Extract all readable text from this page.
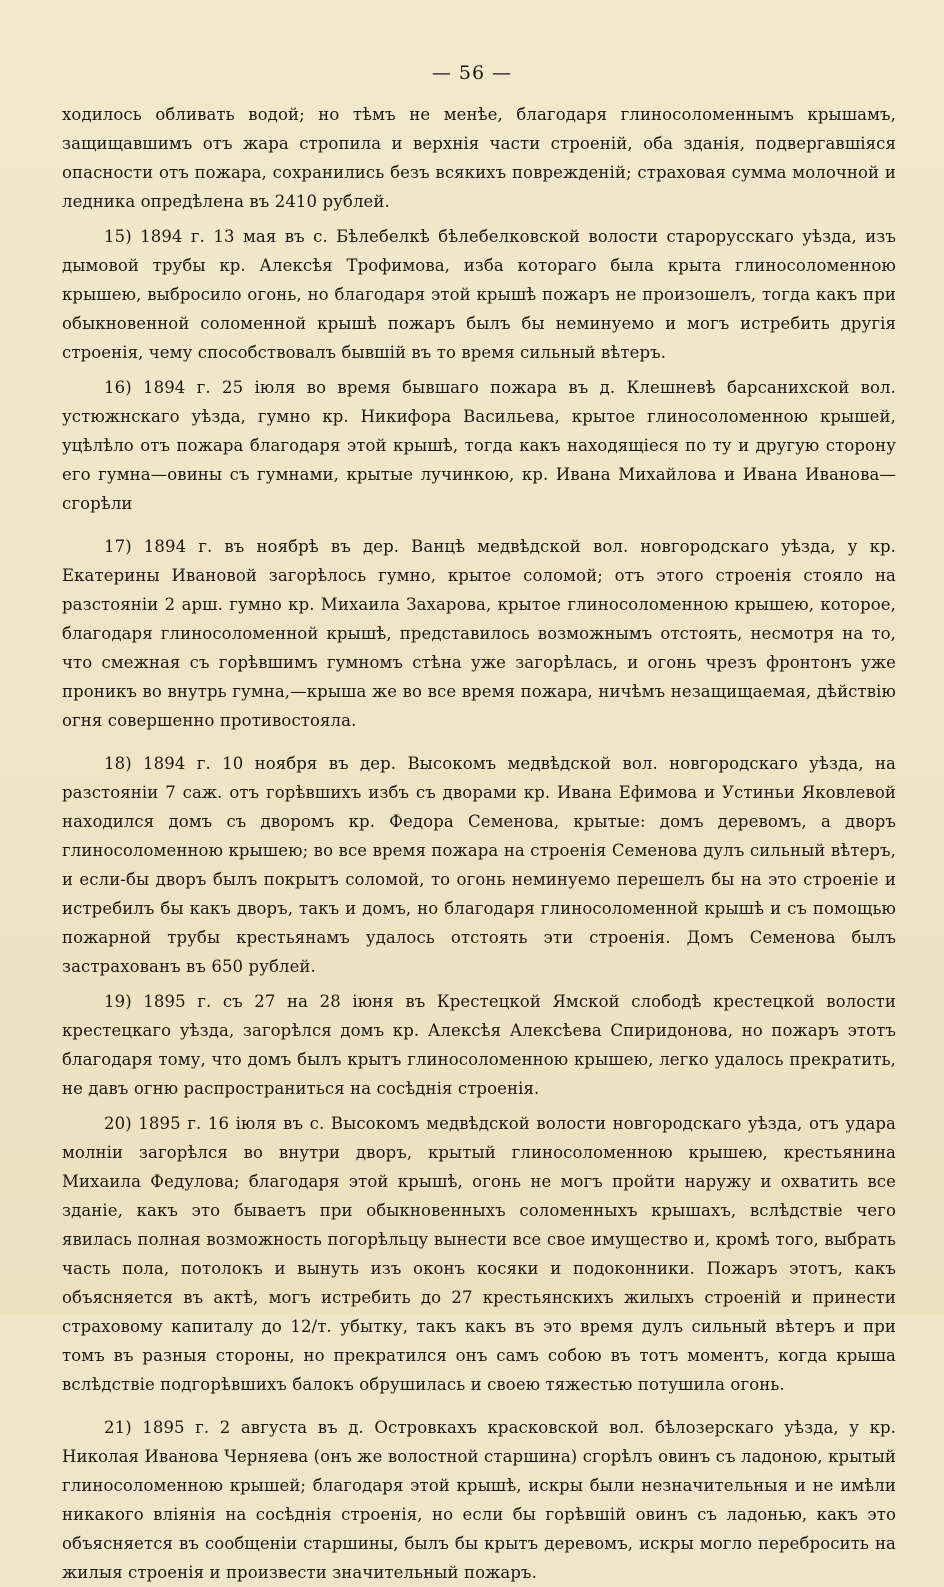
— 56 —

ходилось обливать водой; но тѣмъ не менѣе, благодаря глиносоломеннымъ крышамъ, защищавшимъ отъ жара стропила и верхнія части строеній, оба зданія, подвергавшіяся опасности отъ пожара, сохранились безъ всякихъ поврежденій; страховая сумма молочной и ледника опредѣлена въ 2410 рублей.

15) 1894 г. 13 мая въ с. Бѣлебелкѣ бѣлебелковской волости старорусскаго уѣзда, изъ дымовой трубы кр. Алексѣя Трофимова, изба котораго была крыта глиносоломенною крышею, выбросило огонь, но благодаря этой крышѣ пожаръ не произошелъ, тогда какъ при обыкновенной соломенной крышѣ пожаръ былъ бы неминуемо и могъ истребить другія строенія, чему способствовалъ бывшій въ то время сильный вѣтеръ.

16) 1894 г. 25 іюля во время бывшаго пожара въ д. Клешневѣ барсанихской вол. устюжнскаго уѣзда, гумно кр. Никифора Васильева, крытое глиносоломенною крышей, уцѣлѣло отъ пожара благодаря этой крышѣ, тогда какъ находящіеся по ту и другую сторону его гумна—овины съ гумнами, крытые лучинкою, кр. Ивана Михайлова и Ивана Иванова—сгорѣли

17) 1894 г. въ ноябрѣ въ дер. Ванцѣ медвѣдской вол. новгородскаго уѣзда, у кр. Екатерины Ивановой загорѣлось гумно, крытое соломой; отъ этого строенія стояло на разстояніи 2 арш. гумно кр. Михаила Захарова, крытое глиносоломенною крышею, которое, благодаря глиносоломенной крышѣ, представилось возможнымъ отстоять, несмотря на то, что смежная съ горѣвшимъ гумномъ стѣна уже загорѣлась, и огонь чрезъ фронтонъ уже проникъ во внутрь гумна,—крыша же во все время пожара, ничѣмъ незащищаемая, дѣйствію огня совершенно противостояла.

18) 1894 г. 10 ноября въ дер. Высокомъ медвѣдской вол. новгородскаго уѣзда, на разстояніи 7 саж. отъ горѣвшихъ избъ съ дворами кр. Ивана Ефимова и Устиньи Яковлевой находился домъ съ дворомъ кр. Федора Семенова, крытые: домъ деревомъ, а дворъ глиносоломенною крышею; во все время пожара на строенія Семенова дулъ сильный вѣтеръ, и если-бы дворъ былъ покрытъ соломой, то огонь неминуемо перешелъ бы на это строеніе и истребилъ бы какъ дворъ, такъ и домъ, но благодаря глиносоломенной крышѣ и съ помощью пожарной трубы крестьянамъ удалось отстоять эти строенія. Домъ Семенова былъ застрахованъ въ 650 рублей.

19) 1895 г. съ 27 на 28 іюня въ Крестецкой Ямской слободѣ крестецкой волости крестецкаго уѣзда, загорѣлся домъ кр. Алексѣя Алексѣева Спиридонова, но пожаръ этотъ благодаря тому, что домъ былъ крытъ глиносоломенною крышею, легко удалось прекратить, не давъ огню распространиться на сосѣднія строенія.

20) 1895 г. 16 іюля въ с. Высокомъ медвѣдской волости новгородскаго уѣзда, отъ удара молніи загорѣлся во внутри дворъ, крытый глиносоломенною крышею, крестьянина Михаила Федулова; благодаря этой крышѣ, огонь не могъ пройти наружу и охватить все зданіе, какъ это бываетъ при обыкновенныхъ соломенныхъ крышахъ, вслѣдствіе чего явилась полная возможность погорѣльцу вынести все свое имущество и, кромѣ того, выбрать часть пола, потолокъ и вынуть изъ оконъ косяки и подоконники. Пожаръ этотъ, какъ объясняется въ актѣ, могъ истребить до 27 крестьянскихъ жилыхъ строеній и принести страховому капиталу до 12/т. убытку, такъ какъ въ это время дулъ сильный вѣтеръ и при томъ въ разныя стороны, но прекратился онъ самъ собою въ тотъ моментъ, когда крыша вслѣдствіе подгорѣвшихъ балокъ обрушилась и своею тяжестью потушила огонь.

21) 1895 г. 2 августа въ д. Островкахъ красковской вол. бѣлозерскаго уѣзда, у кр. Николая Иванова Черняева (онъ же волостной старшина) сгорѣлъ овинъ съ ладоною, крытый глиносоломенною крышей; благодаря этой крышѣ, искры были незначительныя и не имѣли никакого вліянія на сосѣднія строенія, но если бы горѣвшій овинъ съ ладонью, какъ это объясняется въ сообщеніи старшины, былъ бы крытъ деревомъ, искры могло перебросить на жилыя строенія и произвести значительный пожаръ.
